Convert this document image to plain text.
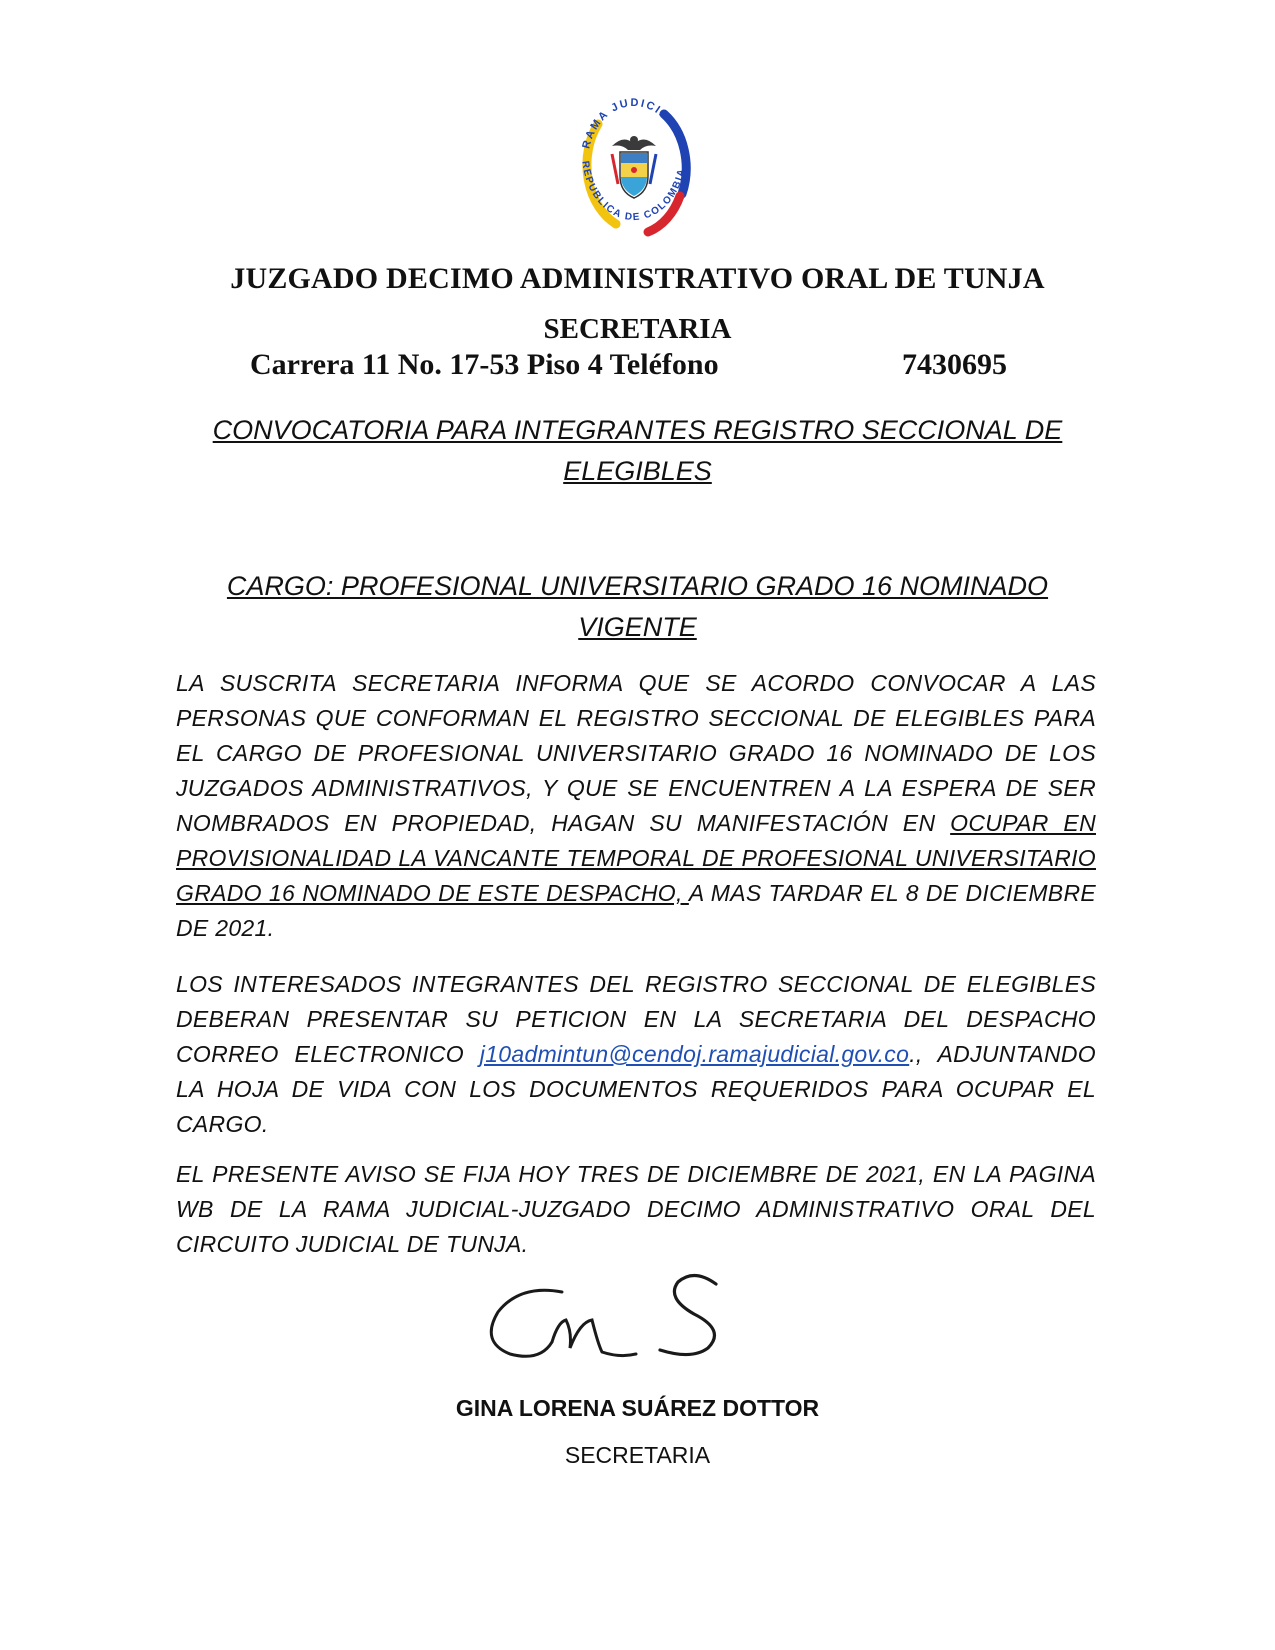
RAMA JUDICIAL
REPUBLICA DE COLOMBIA
JUZGADO DECIMO ADMINISTRATIVO ORAL DE TUNJA
SECRETARIA
Carrera 11 No. 17-53 Piso 4 Teléfono	7430695
CONVOCATORIA PARA INTEGRANTES REGISTRO SECCIONAL DE
ELEGIBLES
CARGO: PROFESIONAL UNIVERSITARIO GRADO 16 NOMINADO
VIGENTE
LA SUSCRITA SECRETARIA INFORMA QUE SE ACORDO CONVOCAR A LAS PERSONAS QUE CONFORMAN EL REGISTRO SECCIONAL DE ELEGIBLES PARA EL CARGO DE PROFESIONAL UNIVERSITARIO GRADO 16 NOMINADO DE LOS JUZGADOS ADMINISTRATIVOS, Y QUE SE ENCUENTREN A LA ESPERA DE SER NOMBRADOS EN PROPIEDAD, HAGAN SU MANIFESTACIÓN EN OCUPAR EN PROVISIONALIDAD LA VANCANTE TEMPORAL DE PROFESIONAL UNIVERSITARIO GRADO 16 NOMINADO DE ESTE DESPACHO, A MAS TARDAR EL 8 DE DICIEMBRE DE 2021.
LOS INTERESADOS INTEGRANTES DEL REGISTRO SECCIONAL DE ELEGIBLES DEBERAN PRESENTAR SU PETICION EN LA SECRETARIA DEL DESPACHO CORREO ELECTRONICO j10admintun@cendoj.ramajudicial.gov.co., ADJUNTANDO LA HOJA DE VIDA CON LOS DOCUMENTOS REQUERIDOS PARA OCUPAR EL CARGO.
EL PRESENTE AVISO SE FIJA HOY TRES DE DICIEMBRE DE 2021, EN LA PAGINA WB DE LA RAMA JUDICIAL-JUZGADO DECIMO ADMINISTRATIVO ORAL DEL CIRCUITO JUDICIAL DE TUNJA.
GINA LORENA SUÁREZ DOTTOR
SECRETARIA
